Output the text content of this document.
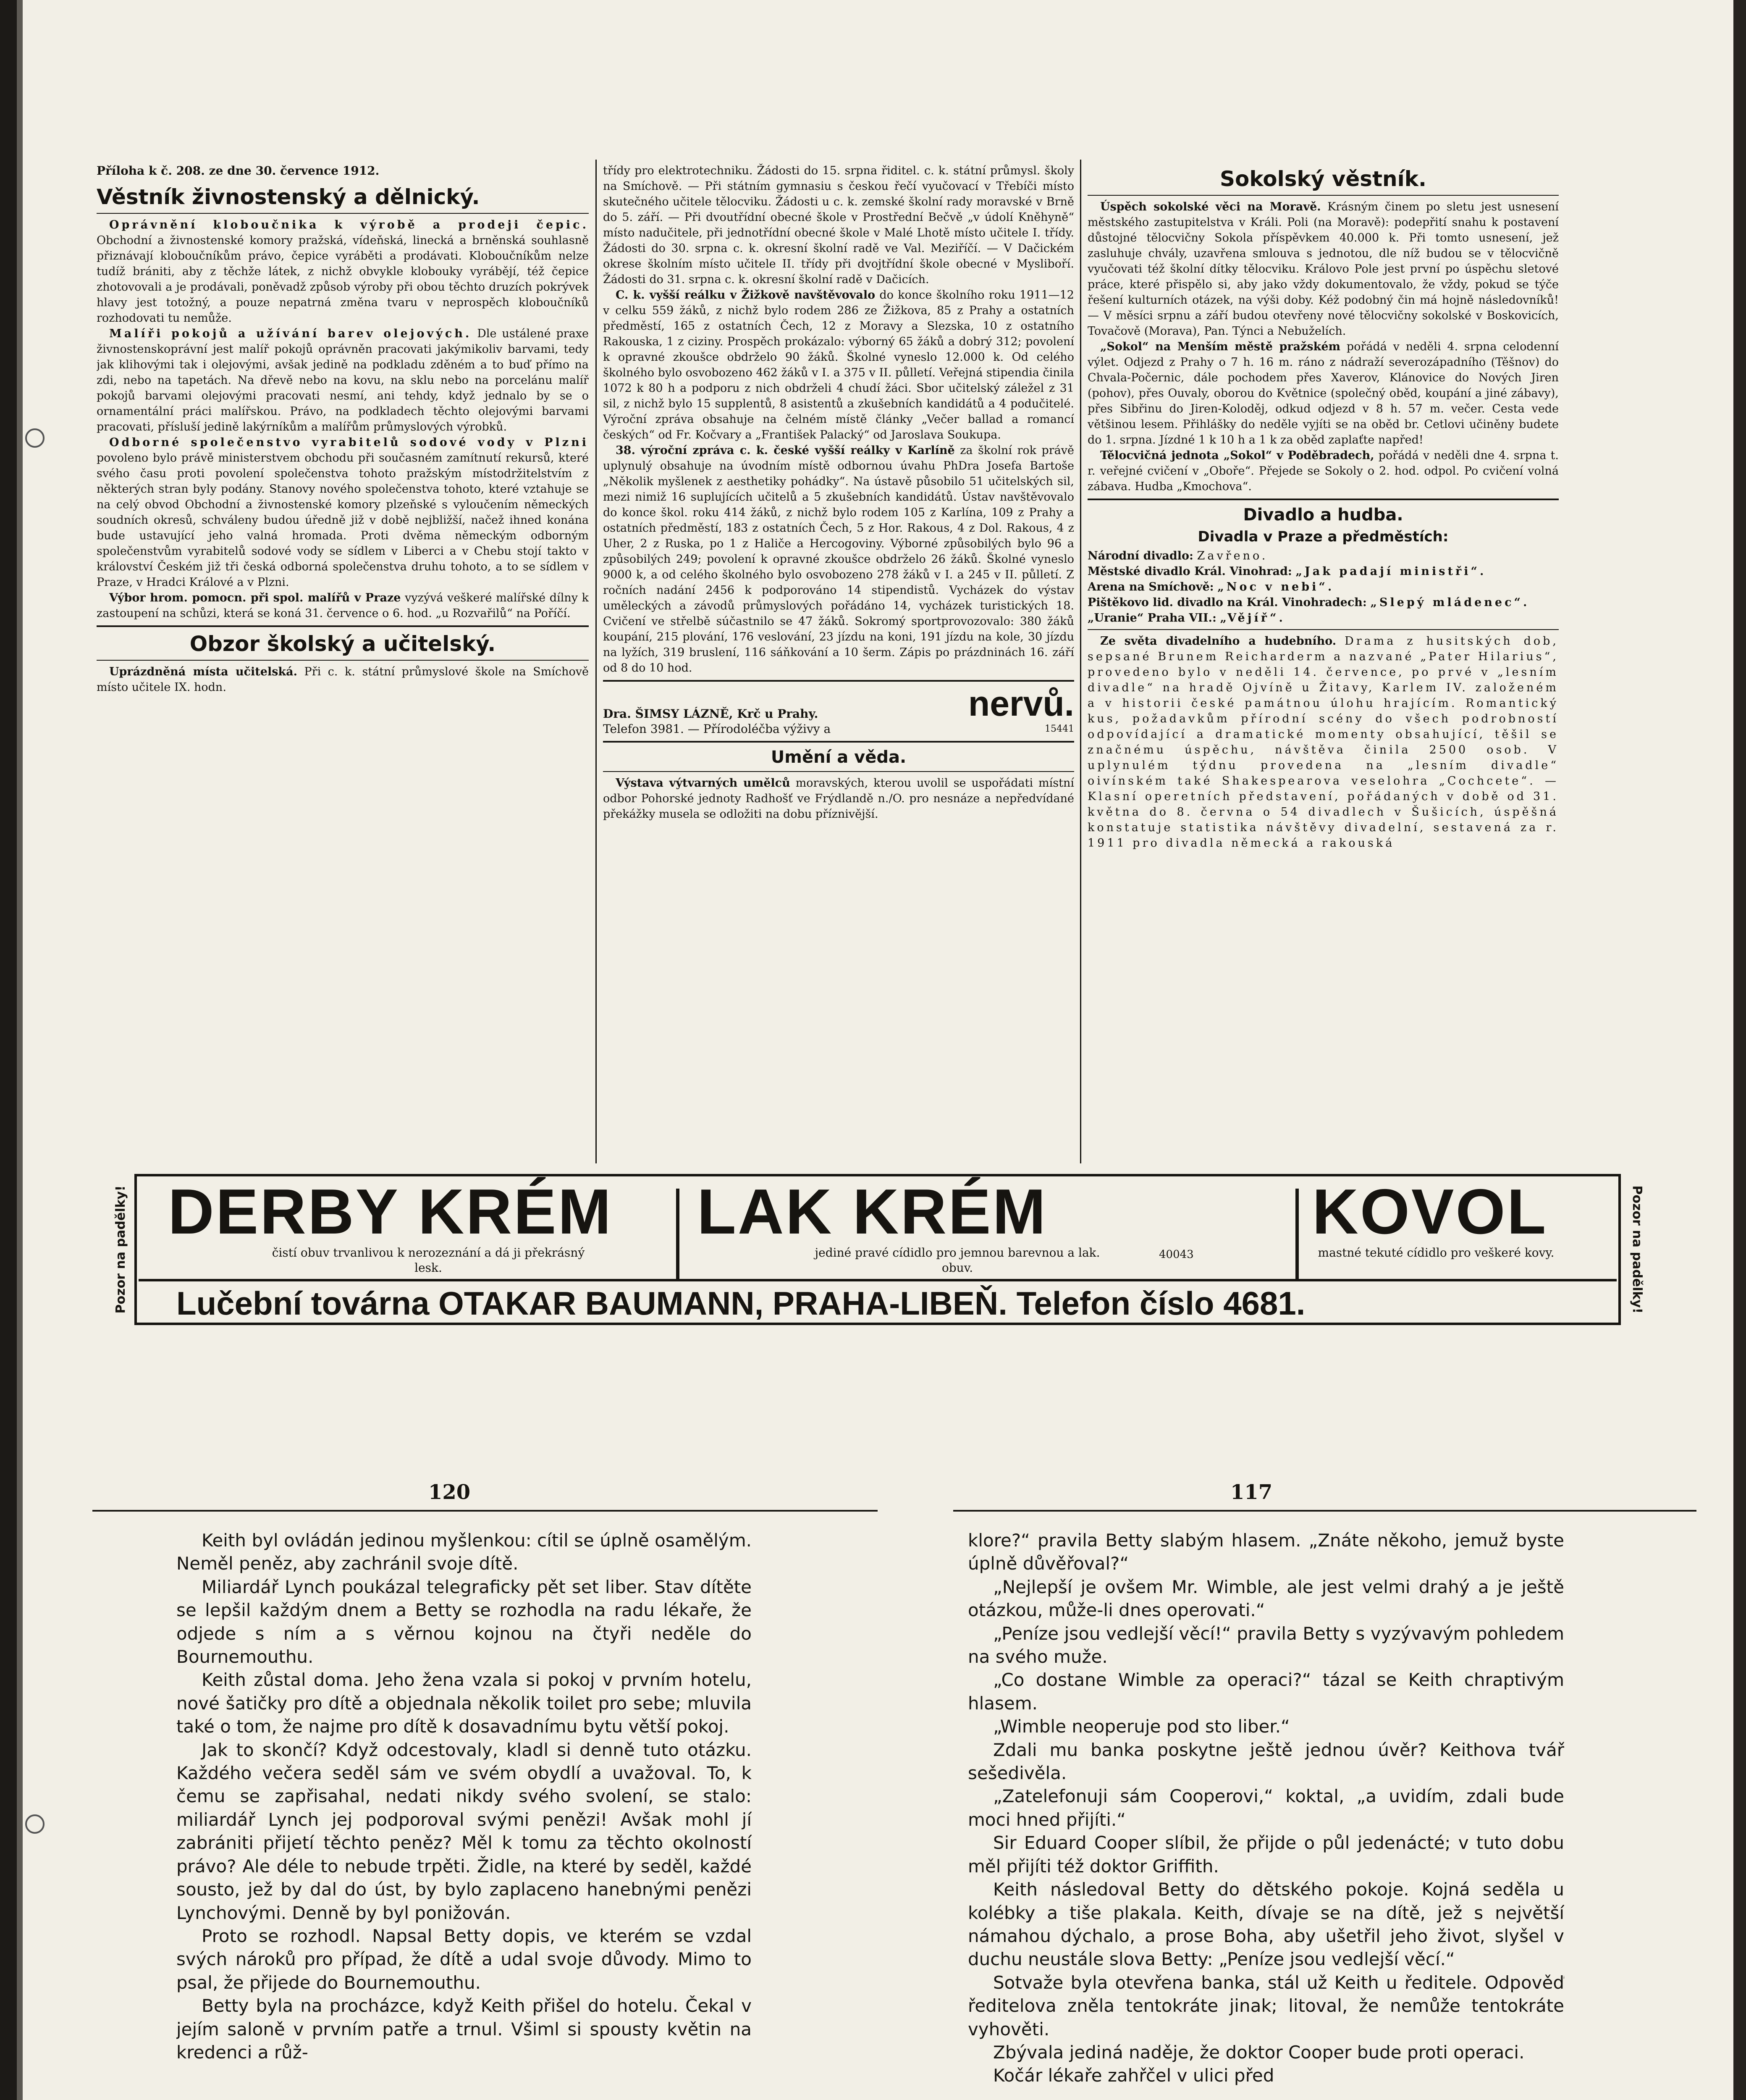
Příloha k č. 208. ze dne 30. července 1912.
Věstník živnostenský a dělnický.

Oprávnění kloboučnika k výrobě a prodeji čepic. Obchodní a živnostenské komory pražská, vídeňská, linecká a brněnská souhlasně přiznávají kloboučníkům právo, čepice vyráběti a prodávati. Kloboučníkům nelze tudíž brániti, aby z těchže látek, z nichž obvykle klobouky vyrábějí, též čepice zhotovovali a je prodávali, poněvadž způsob výroby při obou těchto druzích pokrývek hlavy jest totožný, a pouze nepatrná změna tvaru v neprospěch kloboučníků rozhodovati tu nemůže.

Malíři pokojů a užívání barev olejových. Dle ustálené praxe živnostenskoprávní jest malíř pokojů oprávněn pracovati jakýmikoliv barvami, tedy jak klihovými tak i olejovými, avšak jedině na podkladu zděném a to buď přímo na zdi, nebo na tapetách. Na dřevě nebo na kovu, na sklu nebo na porcelánu malíř pokojů barvami olejovými pracovati nesmí, ani tehdy, když jednalo by se o ornamentální práci malířskou. Právo, na podkladech těchto olejovými barvami pracovati, přísluší jedině lakýrníkům a malířům průmyslových výrobků.

Odborné společenstvo vyrabitelů sodové vody v Plzni povoleno bylo právě ministerstvem obchodu při současném zamítnutí rekursů, které svého času proti povolení společenstva tohoto pražským místodržitelstvím z některých stran byly podány. Stanovy nového společenstva tohoto, které vztahuje se na celý obvod Obchodní a živnostenské komory plzeňské s vyloučením německých soudních okresů, schváleny budou úředně již v době nejbližší, načež ihned konána bude ustavující jeho valná hromada. Proti dvěma německým odborným společenstvům vyrabitelů sodové vody se sídlem v Liberci a v Chebu stojí takto v království Českém již tři česká odborná společenstva druhu tohoto, a to se sídlem v Praze, v Hradci Králové a v Plzni.

Výbor hrom. pomocn. při spol. malířů v Praze vyzývá veškeré malířské dílny k zastoupení na schůzi, která se koná 31. července o 6. hod. „u Rozvařilů“ na Poříčí.

Obzor školský a učitelský.

Uprázdněná místa učitelská. Při c. k. státní průmyslové škole na Smíchově místo učitele IX. hodn.

třídy pro elektrotechniku. Žádosti do 15. srpna řiditel. c. k. státní průmysl. školy na Smíchově. — Při státním gymnasiu s českou řečí vyučovací v Třebíči místo skutečného učitele tělocviku. Žádosti u c. k. zemské školní rady moravské v Brně do 5. září. — Při dvoutřídní obecné škole v Prostřední Bečvě „v údolí Kněhyně“ místo nadučitele, při jednotřídní obecné škole v Malé Lhotě místo učitele I. třídy. Žádosti do 30. srpna c. k. okresní školní radě ve Val. Meziříčí. — V Dačickém okrese školním místo učitele II. třídy při dvojtřídní škole obecné v Mysliboří. Žádosti do 31. srpna c. k. okresní školní radě v Dačicích.

C. k. vyšší reálku v Žižkově navštěvovalo do konce školního roku 1911—12 v celku 559 žáků, z nichž bylo rodem 286 ze Žižkova, 85 z Prahy a ostatních předměstí, 165 z ostatních Čech, 12 z Moravy a Slezska, 10 z ostatního Rakouska, 1 z ciziny. Prospěch prokázalo: výborný 65 žáků a dobrý 312; povolení k opravné zkoušce obdrželo 90 žáků. Školné vyneslo 12.000 k. Od celého školného bylo osvobozeno 462 žáků v I. a 375 v II. půlletí. Veřejná stipendia činila 1072 k 80 h a podporu z nich obdrželi 4 chudí žáci. Sbor učitelský záležel z 31 sil, z nichž bylo 15 supplentů, 8 asistentů a zkušebních kandidátů a 4 podučitelé. Výroční zpráva obsahuje na čelném místě články „Večer ballad a romancí českých“ od Fr. Kočvary a „František Palacký“ od Jaroslava Soukupa.

38. výroční zpráva c. k. české vyšší reálky v Karlíně za školní rok právě uplynulý obsahuje na úvodním místě odbornou úvahu PhDra Josefa Bartoše „Několik myšlenek z aesthetiky pohádky“. Na ústavě působilo 51 učitelských sil, mezi nimiž 16 suplujících učitelů a 5 zkušebních kandidátů. Ústav navštěvovalo do konce škol. roku 414 žáků, z nichž bylo rodem 105 z Karlína, 109 z Prahy a ostatních předměstí, 183 z ostatních Čech, 5 z Hor. Rakous, 4 z Dol. Rakous, 4 z Uher, 2 z Ruska, po 1 z Haliče a Hercogoviny. Výborné způsobilých bylo 96 a způsobilých 249; povolení k opravné zkoušce obdrželo 26 žáků. Školné vyneslo 9000 k, a od celého školného bylo osvobozeno 278 žáků v I. a 245 v II. půlletí. Z ročních nadání 2456 k podporováno 14 stipendistů. Vycházek do výstav uměleckých a závodů průmyslových pořádáno 14, vycházek turistických 18. Cvičení ve střelbě súčastnilo se 47 žáků. Sokromý sportprovozovalo: 380 žáků koupání, 215 plování, 176 veslování, 23 jízdu na koni, 191 jízdu na kole, 30 jízdu na lyžích, 319 bruslení, 116 sáňkování a 10 šerm. Zápis po prázdninách 16. září od 8 do 10 hod.

Dra. ŠIMSY LÁZNĚ, Krč u Prahy.
Telefon 3981. — Přírodoléčba výživy a
nervů.
15441
Umění a věda.

Výstava výtvarných umělců moravských, kterou uvolil se uspořádati místní odbor Pohorské jednoty Radhošť ve Frýdlandě n./O. pro nesnáze a nepředvídané překážky musela se odložiti na dobu příznivější.

Sokolský věstník.

Úspěch sokolské věci na Moravě. Krásným činem po sletu jest usnesení městského zastupitelstva v Králi. Poli (na Moravě): podepřití snahu k postavení důstojné tělocvičny Sokola příspěvkem 40.000 k. Při tomto usnesení, jež zasluhuje chvály, uzavřena smlouva s jednotou, dle níž budou se v tělocvičně vyučovati též školní dítky tělocviku. Královo Pole jest první po úspěchu sletové práce, které přispělo si, aby jako vždy dokumentovalo, že vždy, pokud se týče řešení kulturních otázek, na výši doby. Kéž podobný čin má hojně následovníků! — V měsíci srpnu a září budou otevřeny nové tělocvičny sokolské v Boskovicích, Tovačově (Morava), Pan. Týnci a Nebuželích.

„Sokol“ na Menším městě pražském pořádá v neděli 4. srpna celodenní výlet. Odjezd z Prahy o 7 h. 16 m. ráno z nádraží severozápadního (Těšnov) do Chvala-Počernic, dále pochodem přes Xaverov, Klánovice do Nových Jiren (pohov), přes Ouvaly, oborou do Květnice (společný oběd, koupání a jiné zábavy), přes Sibřinu do Jiren-Koloděj, odkud odjezd v 8 h. 57 m. večer. Cesta vede většinou lesem. Přihlášky do neděle vyjíti se na oběd br. Cetlovi učiněny budete do 1. srpna. Jízdné 1 k 10 h a 1 k za oběd zaplaťte napřed!

Tělocvičná jednota „Sokol“ v Poděbradech, pořádá v neděli dne 4. srpna t. r. veřejné cvičení v „Oboře“. Přejede se Sokoly o 2. hod. odpol. Po cvičení volná zábava. Hudba „Kmochova“.

Divadlo a hudba.
Divadla v Praze a předměstích:

Národní divadlo: Zavřeno.

Městské divadlo Král. Vinohrad: „Jak padají ministři“.

Arena na Smíchově: „Noc v nebi“.

Pištěkovo lid. divadlo na Král. Vinohradech: „Slepý mládenec“.

„Uranie“ Praha VII.: „Vějíř“.

Ze světa divadelního a hudebního. Drama z husitských dob, sepsané Brunem Reicharderm a nazvané „Pater Hilarius“, provedeno bylo v neděli 14. července, po prvé v „lesním divadle“ na hradě Ojvíně u Žitavy, Karlem IV. založeném a v historii české památnou úlohu hrajícím. Romantický kus, požadavkům přírodní scény do všech podrobností odpovídající a dramatické momenty obsahující, těšil se značnému úspěchu, návštěva činila 2500 osob. V uplynulém týdnu provedena na „lesním divadle“ oivínském také Shakespearova veselohra „Cochcete“. — Klasní operetních představení, pořádaných v době od 31. května do 8. června o 54 divadlech v Šušicích, úspěšná konstatuje statistika návštěvy divadelní, sestavená za r. 1911 pro divadla německá a rakouská

Pozor na padělky!	Pozor na padělky!
DERBY KRÉM
čistí obuv trvanlivou k nerozeznání a dá ji překrásný lesk.
LAK KRÉM
jediné pravé cídidlo pro jemnou barevnou a lak. obuv.
40043
KOVOL
mastné tekuté cídidlo pro veškeré kovy.
Lučební továrna OTAKAR BAUMANN, PRAHA-LIBEŇ. Telefon číslo 4681.
120	117

Keith byl ovládán jedinou myšlenkou: cítil se úplně osamělým. Neměl peněz, aby zachránil svoje dítě.

Miliardář Lynch poukázal telegraficky pět set liber. Stav dítěte se lepšil každým dnem a Betty se rozhodla na radu lékaře, že odjede s ním a s věrnou kojnou na čtyři neděle do Bournemouthu.

Keith zůstal doma. Jeho žena vzala si pokoj v prvním hotelu, nové šatičky pro dítě a objednala několik toilet pro sebe; mluvila také o tom, že najme pro dítě k dosavadnímu bytu větší pokoj.

Jak to skončí? Když odcestovaly, kladl si denně tuto otázku. Každého večera seděl sám ve svém obydlí a uvažoval. To, k čemu se zapřisahal, nedati nikdy svého svolení, se stalo: miliardář Lynch jej podporoval svými penězi! Avšak mohl jí zabrániti přijetí těchto peněz? Měl k tomu za těchto okolností právo? Ale déle to nebude trpěti. Židle, na které by seděl, každé sousto, jež by dal do úst, by bylo zaplaceno hanebnými penězi Lynchovými. Denně by byl ponižován.

Proto se rozhodl. Napsal Betty dopis, ve kterém se vzdal svých nároků pro případ, že dítě a udal svoje důvody. Mimo to psal, že přijede do Bournemouthu.

Betty byla na procházce, když Keith přišel do hotelu. Čekal v jejím saloně v prvním patře a trnul. Všiml si spousty květin na kredenci a růž-

klore?“ pravila Betty slabým hlasem. „Znáte někoho, jemuž byste úplně důvěřoval?“

„Nejlepší je ovšem Mr. Wimble, ale jest velmi drahý a je ještě otázkou, může-li dnes operovati.“

„Peníze jsou vedlejší věcí!“ pravila Betty s vyzývavým pohledem na svého muže.

„Co dostane Wimble za operaci?“ tázal se Keith chraptivým hlasem.

„Wimble neoperuje pod sto liber.“

Zdali mu banka poskytne ještě jednou úvěr? Keithova tvář sešedivěla.

„Zatelefonuji sám Cooperovi,“ koktal, „a uvidím, zdali bude moci hned přijíti.“

Sir Eduard Cooper slíbil, že přijde o půl jedenácté; v tuto dobu měl přijíti též doktor Griffith.

Keith následoval Betty do dětského pokoje. Kojná seděla u kolébky a tiše plakala. Keith, dívaje se na dítě, jež s největší námahou dýchalo, a prose Boha, aby ušetřil jeho život, slyšel v duchu neustále slova Betty: „Peníze jsou vedlejší věcí.“

Sotvaže byla otevřena banka, stál už Keith u ředitele. Odpověď ředitelova zněla tentokráte jinak; litoval, že nemůže tentokráte vyhověti.

Zbývala jediná naděje, že doktor Cooper bude proti operaci.

Kočár lékaře zahřčel v ulici před
